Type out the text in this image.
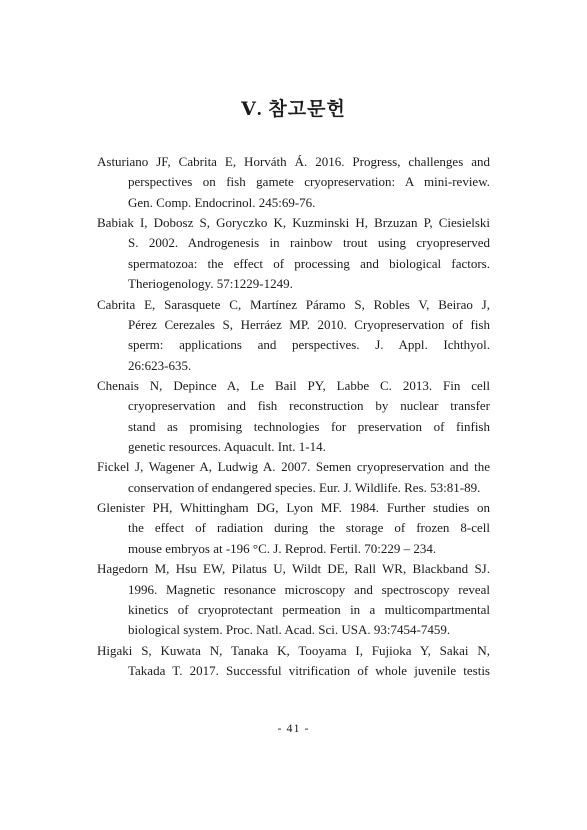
Ⅴ. 참고문헌
Asturiano JF, Cabrita E, Horváth Á. 2016. Progress, challenges and
perspectives on fish gamete cryopreservation: A mini-review.
Gen. Comp. Endocrinol. 245:69-76.
Babiak I, Dobosz S, Goryczko K, Kuzminski H, Brzuzan P, Ciesielski
S. 2002. Androgenesis in rainbow trout using cryopreserved
spermatozoa: the effect of processing and biological factors.
Theriogenology. 57:1229-1249.
Cabrita E, Sarasquete C, Martínez Páramo S, Robles V, Beirao J,
Pérez Cerezales S, Herráez MP. 2010. Cryopreservation of fish
sperm: applications and perspectives. J. Appl. Ichthyol.
26:623-635.
Chenais N, Depince A, Le Bail PY, Labbe C. 2013. Fin cell
cryopreservation and fish reconstruction by nuclear transfer
stand as promising technologies for preservation of finfish
genetic resources. Aquacult. Int. 1-14.
Fickel J, Wagener A, Ludwig A. 2007. Semen cryopreservation and the
conservation of endangered species. Eur. J. Wildlife. Res. 53:81-89.
Glenister PH, Whittingham DG, Lyon MF. 1984. Further studies on
the effect of radiation during the storage of frozen 8-cell
mouse embryos at -196 °C. J. Reprod. Fertil. 70:229 – 234.
Hagedorn M, Hsu EW, Pilatus U, Wildt DE, Rall WR, Blackband SJ.
1996. Magnetic resonance microscopy and spectroscopy reveal
kinetics of cryoprotectant permeation in a multicompartmental
biological system. Proc. Natl. Acad. Sci. USA. 93:7454-7459.
Higaki S, Kuwata N, Tanaka K, Tooyama I, Fujioka Y, Sakai N,
Takada T. 2017. Successful vitrification of whole juvenile testis
- 41 -
